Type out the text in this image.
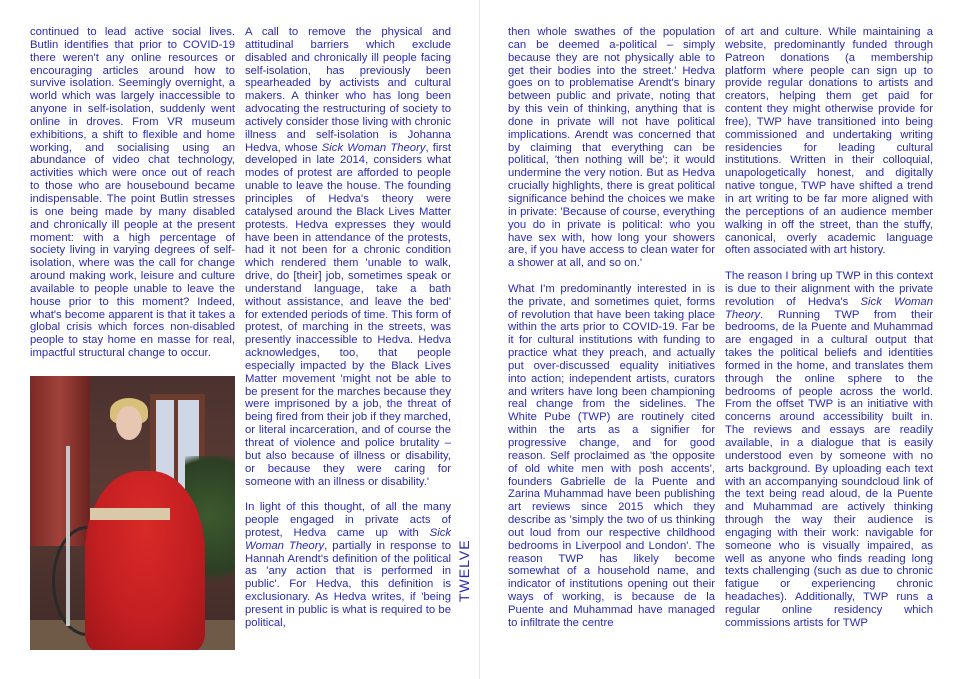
continued to lead active social lives. Butlin identifies that prior to COVID-19 there weren't any online resources or encouraging articles around how to survive isolation. Seemingly overnight, a world which was largely inaccessible to anyone in self-isolation, suddenly went online in droves. From VR museum exhibitions, a shift to flexible and home working, and socialising using an abundance of video chat technology, activities which were once out of reach to those who are housebound became indispensable. The point Butlin stresses is one being made by many disabled and chronically ill people at the present moment: with a high percentage of society living in varying degrees of self-isolation, where was the call for change around making work, leisure and culture available to people unable to leave the house prior to this moment? Indeed, what's become apparent is that it takes a global crisis which forces non-disabled people to stay home en masse for real, impactful structural change to occur.

A call to remove the physical and attitudinal barriers which exclude disabled and chronically ill people facing self-isolation, has previously been spearheaded by activists and cultural makers. A thinker who has long been advocating the restructuring of society to actively consider those living with chronic illness and self-isolation is Johanna Hedva, whose Sick Woman Theory, first developed in late 2014, considers what modes of protest are afforded to people unable to leave the house. The founding principles of Hedva's theory were catalysed around the Black Lives Matter protests. Hedva expresses they would have been in attendance of the protests, had it not been for a chronic condition which rendered them 'unable to walk, drive, do [their] job, sometimes speak or understand language, take a bath without assistance, and leave the bed' for extended periods of time. This form of protest, of marching in the streets, was presently inaccessible to Hedva. Hedva acknowledges, too, that people especially impacted by the Black Lives Matter movement 'might not be able to be present for the marches because they were imprisoned by a job, the threat of being fired from their job if they marched, or literal incarceration, and of course the threat of violence and police brutality – but also because of illness or disability, or because they were caring for someone with an illness or disability.'

In light of this thought, of all the many people engaged in private acts of protest, Hedva came up with Sick Woman Theory, partially in response to Hannah Arendt's definition of the political as 'any action that is performed in public'. For Hedva, this definition is exclusionary. As Hedva writes, if 'being present in public is what is required to be political,

TWELVE

then whole swathes of the population can be deemed a-political – simply because they are not physically able to get their bodies into the street.' Hedva goes on to problematise Arendt's binary between public and private, noting that by this vein of thinking, anything that is done in private will not have political implications. Arendt was concerned that by claiming that everything can be political, 'then nothing will be'; it would undermine the very notion. But as Hedva crucially highlights, there is great political significance behind the choices we make in private: 'Because of course, everything you do in private is political: who you have sex with, how long your showers are, if you have access to clean water for a shower at all, and so on.'

What I'm predominantly interested in is the private, and sometimes quiet, forms of revolution that have been taking place within the arts prior to COVID-19. Far be it for cultural institutions with funding to practice what they preach, and actually put over-discussed equality initiatives into action; independent artists, curators and writers have long been championing real change from the sidelines. The White Pube (TWP) are routinely cited within the arts as a signifier for progressive change, and for good reason. Self proclaimed as 'the opposite of old white men with posh accents', founders Gabrielle de la Puente and Zarina Muhammad have been publishing art reviews since 2015 which they describe as 'simply the two of us thinking out loud from our respective childhood bedrooms in Liverpool and London'. The reason TWP has likely become somewhat of a household name, and indicator of institutions opening out their ways of working, is because de la Puente and Muhammad have managed to infiltrate the centre

of art and culture. While maintaining a website, predominantly funded through Patreon donations (a membership platform where people can sign up to provide regular donations to artists and creators, helping them get paid for content they might otherwise provide for free), TWP have transitioned into being commissioned and undertaking writing residencies for leading cultural institutions. Written in their colloquial, unapologetically honest, and digitally native tongue, TWP have shifted a trend in art writing to be far more aligned with the perceptions of an audience member walking in off the street, than the stuffy, canonical, overly academic language often associated with art history.

The reason I bring up TWP in this context is due to their alignment with the private revolution of Hedva's Sick Woman Theory. Running TWP from their bedrooms, de la Puente and Muhammad are engaged in a cultural output that takes the political beliefs and identities formed in the home, and translates them through the online sphere to the bedrooms of people across the world. From the offset TWP is an initiative with concerns around accessibility built in. The reviews and essays are readily available, in a dialogue that is easily understood even by someone with no arts background. By uploading each text with an accompanying soundcloud link of the text being read aloud, de la Puente and Muhammad are actively thinking through the way their audience is engaging with their work: navigable for someone who is visually impaired, as well as anyone who finds reading long texts challenging (such as due to chronic fatigue or experiencing chronic headaches). Additionally, TWP runs a regular online residency which commissions artists for TWP
